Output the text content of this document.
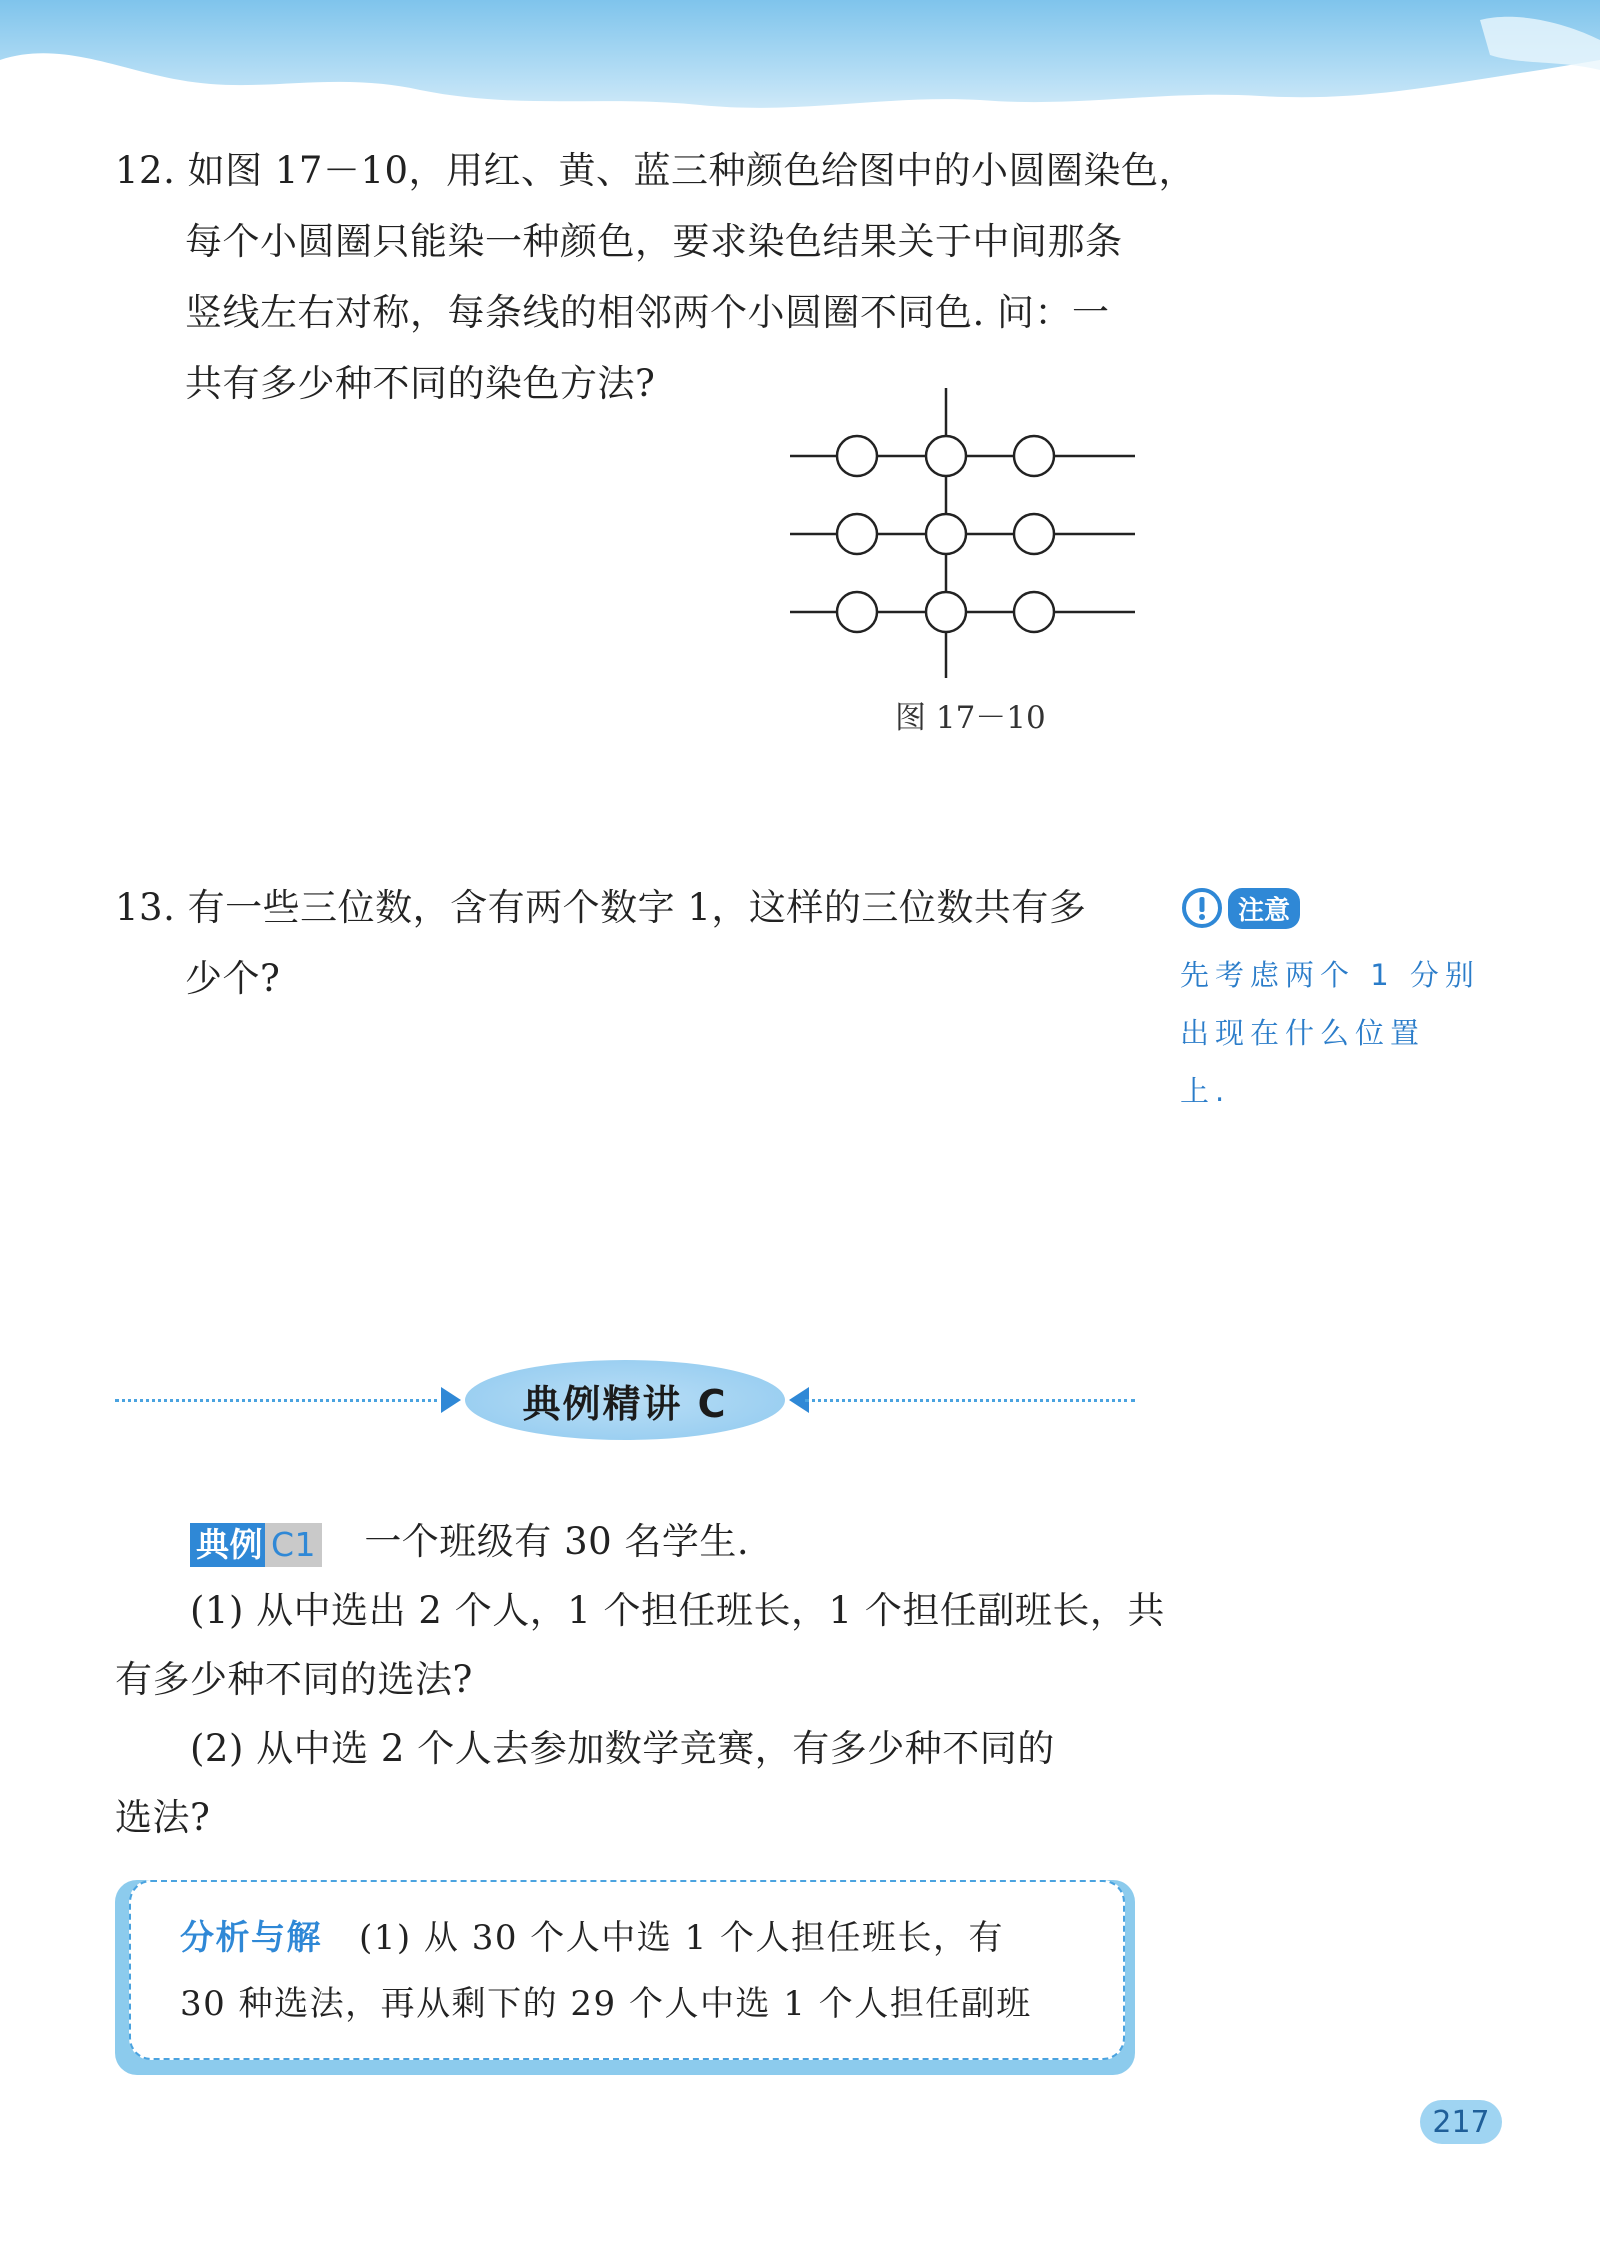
12. 如图 17－10，用红、黄、蓝三种颜色给图中的小圆圈染色，
每个小圆圈只能染一种颜色，要求染色结果关于中间那条
竖线左右对称，每条线的相邻两个小圆圈不同色. 问：一
共有多少种不同的染色方法?
图 17－10
13. 有一些三位数，含有两个数字 1，这样的三位数共有多
少个?
注意
先考虑两个 1 分别
出现在什么位置
上.
典例精讲 C
典例 C1 一个班级有 30 名学生.
(1) 从中选出 2 个人，1 个担任班长，1 个担任副班长，共
有多少种不同的选法?
(2) 从中选 2 个人去参加数学竞赛，有多少种不同的
选法?
分析与解 (1) 从 30 个人中选 1 个人担任班长，有
30 种选法，再从剩下的 29 个人中选 1 个人担任副班
217
